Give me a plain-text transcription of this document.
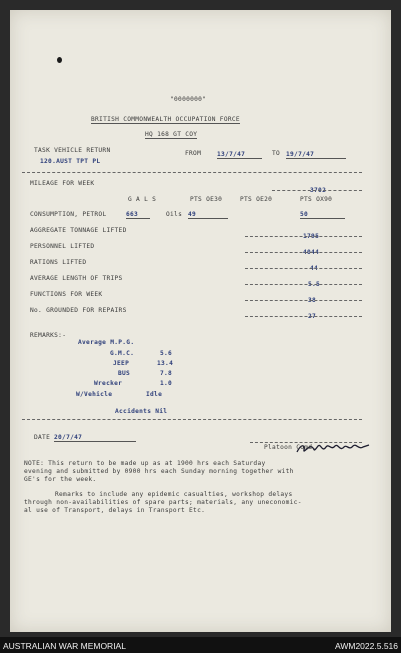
"0000000"
BRITISH COMMONWEALTH OCCUPATION FORCE
HQ 168 GT COY
TASK VEHICLE RETURN
120.AUST TPT PL
FROM	13/7/47	TO 19/7/47
MILEAGE FOR WEEK
3702
G A L S	PTS OE30	PTS OE20	PTS OX90
CONSUMPTION, PETROL	663	Oils 49	50
AGGREGATE TONNAGE LIFTED
1795
PERSONNEL LIFTED
4044
RATIONS LIFTED
44
AVERAGE LENGTH OF TRIPS
5.5
FUNCTIONS FOR WEEK
38
No. GROUNDED FOR REPAIRS
27
REMARKS:-
Average M.P.G.
G.M.C.	5.6
JEEP	13.4
BUS	7.8
Wrecker	1.0
W/Vehicle	Idle
Accidents Nil
DATE 20/7/47
Platoon Comd.
NOTE: This return to be made up as at 1900 hrs each Saturday
evening and submitted by 0900 hrs each Sunday morning together with
GE's for the week.
Remarks to include any epidemic casualties, workshop delays
through non-availabilities of spare parts; materials, any uneconomic-
al use of Transport, delays in Transport Etc.
AUSTRALIAN WAR MEMORIAL	AWM2022.5.516
